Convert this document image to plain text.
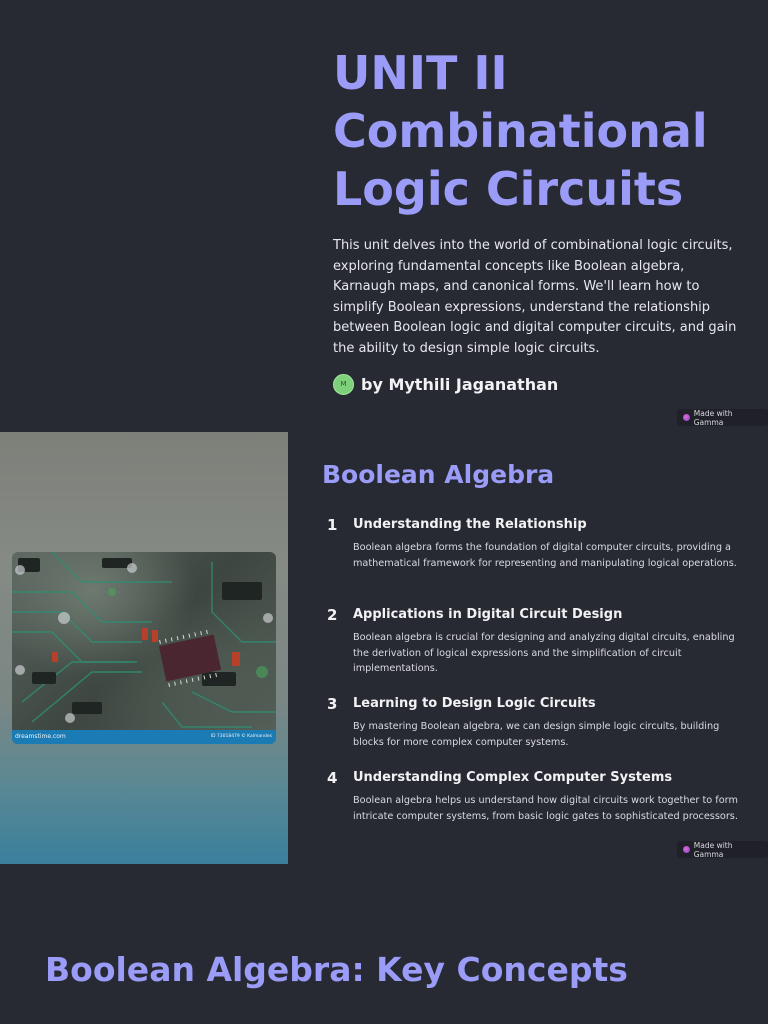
UNIT II
Combinational
Logic Circuits

This unit delves into the world of combinational logic circuits, exploring fundamental concepts like Boolean algebra, Karnaugh maps, and canonical forms. We'll learn how to simplify Boolean expressions, understand the relationship between Boolean logic and digital computer circuits, and gain the ability to design simple logic circuits.

M by Mythili Jaganathan
Made with Gamma
dreamstime.com	ID 73018479 © Kalmandes
Boolean Algebra
1 Understanding the Relationship

Boolean algebra forms the foundation of digital computer circuits, providing a mathematical framework for representing and manipulating logical operations.

2 Applications in Digital Circuit Design

Boolean algebra is crucial for designing and analyzing digital circuits, enabling the derivation of logical expressions and the simplification of circuit implementations.

3 Learning to Design Logic Circuits

By mastering Boolean algebra, we can design simple logic circuits, building blocks for more complex computer systems.

4 Understanding Complex Computer Systems

Boolean algebra helps us understand how digital circuits work together to form intricate computer systems, from basic logic gates to sophisticated processors.

Made with Gamma
Boolean Algebra: Key Concepts
